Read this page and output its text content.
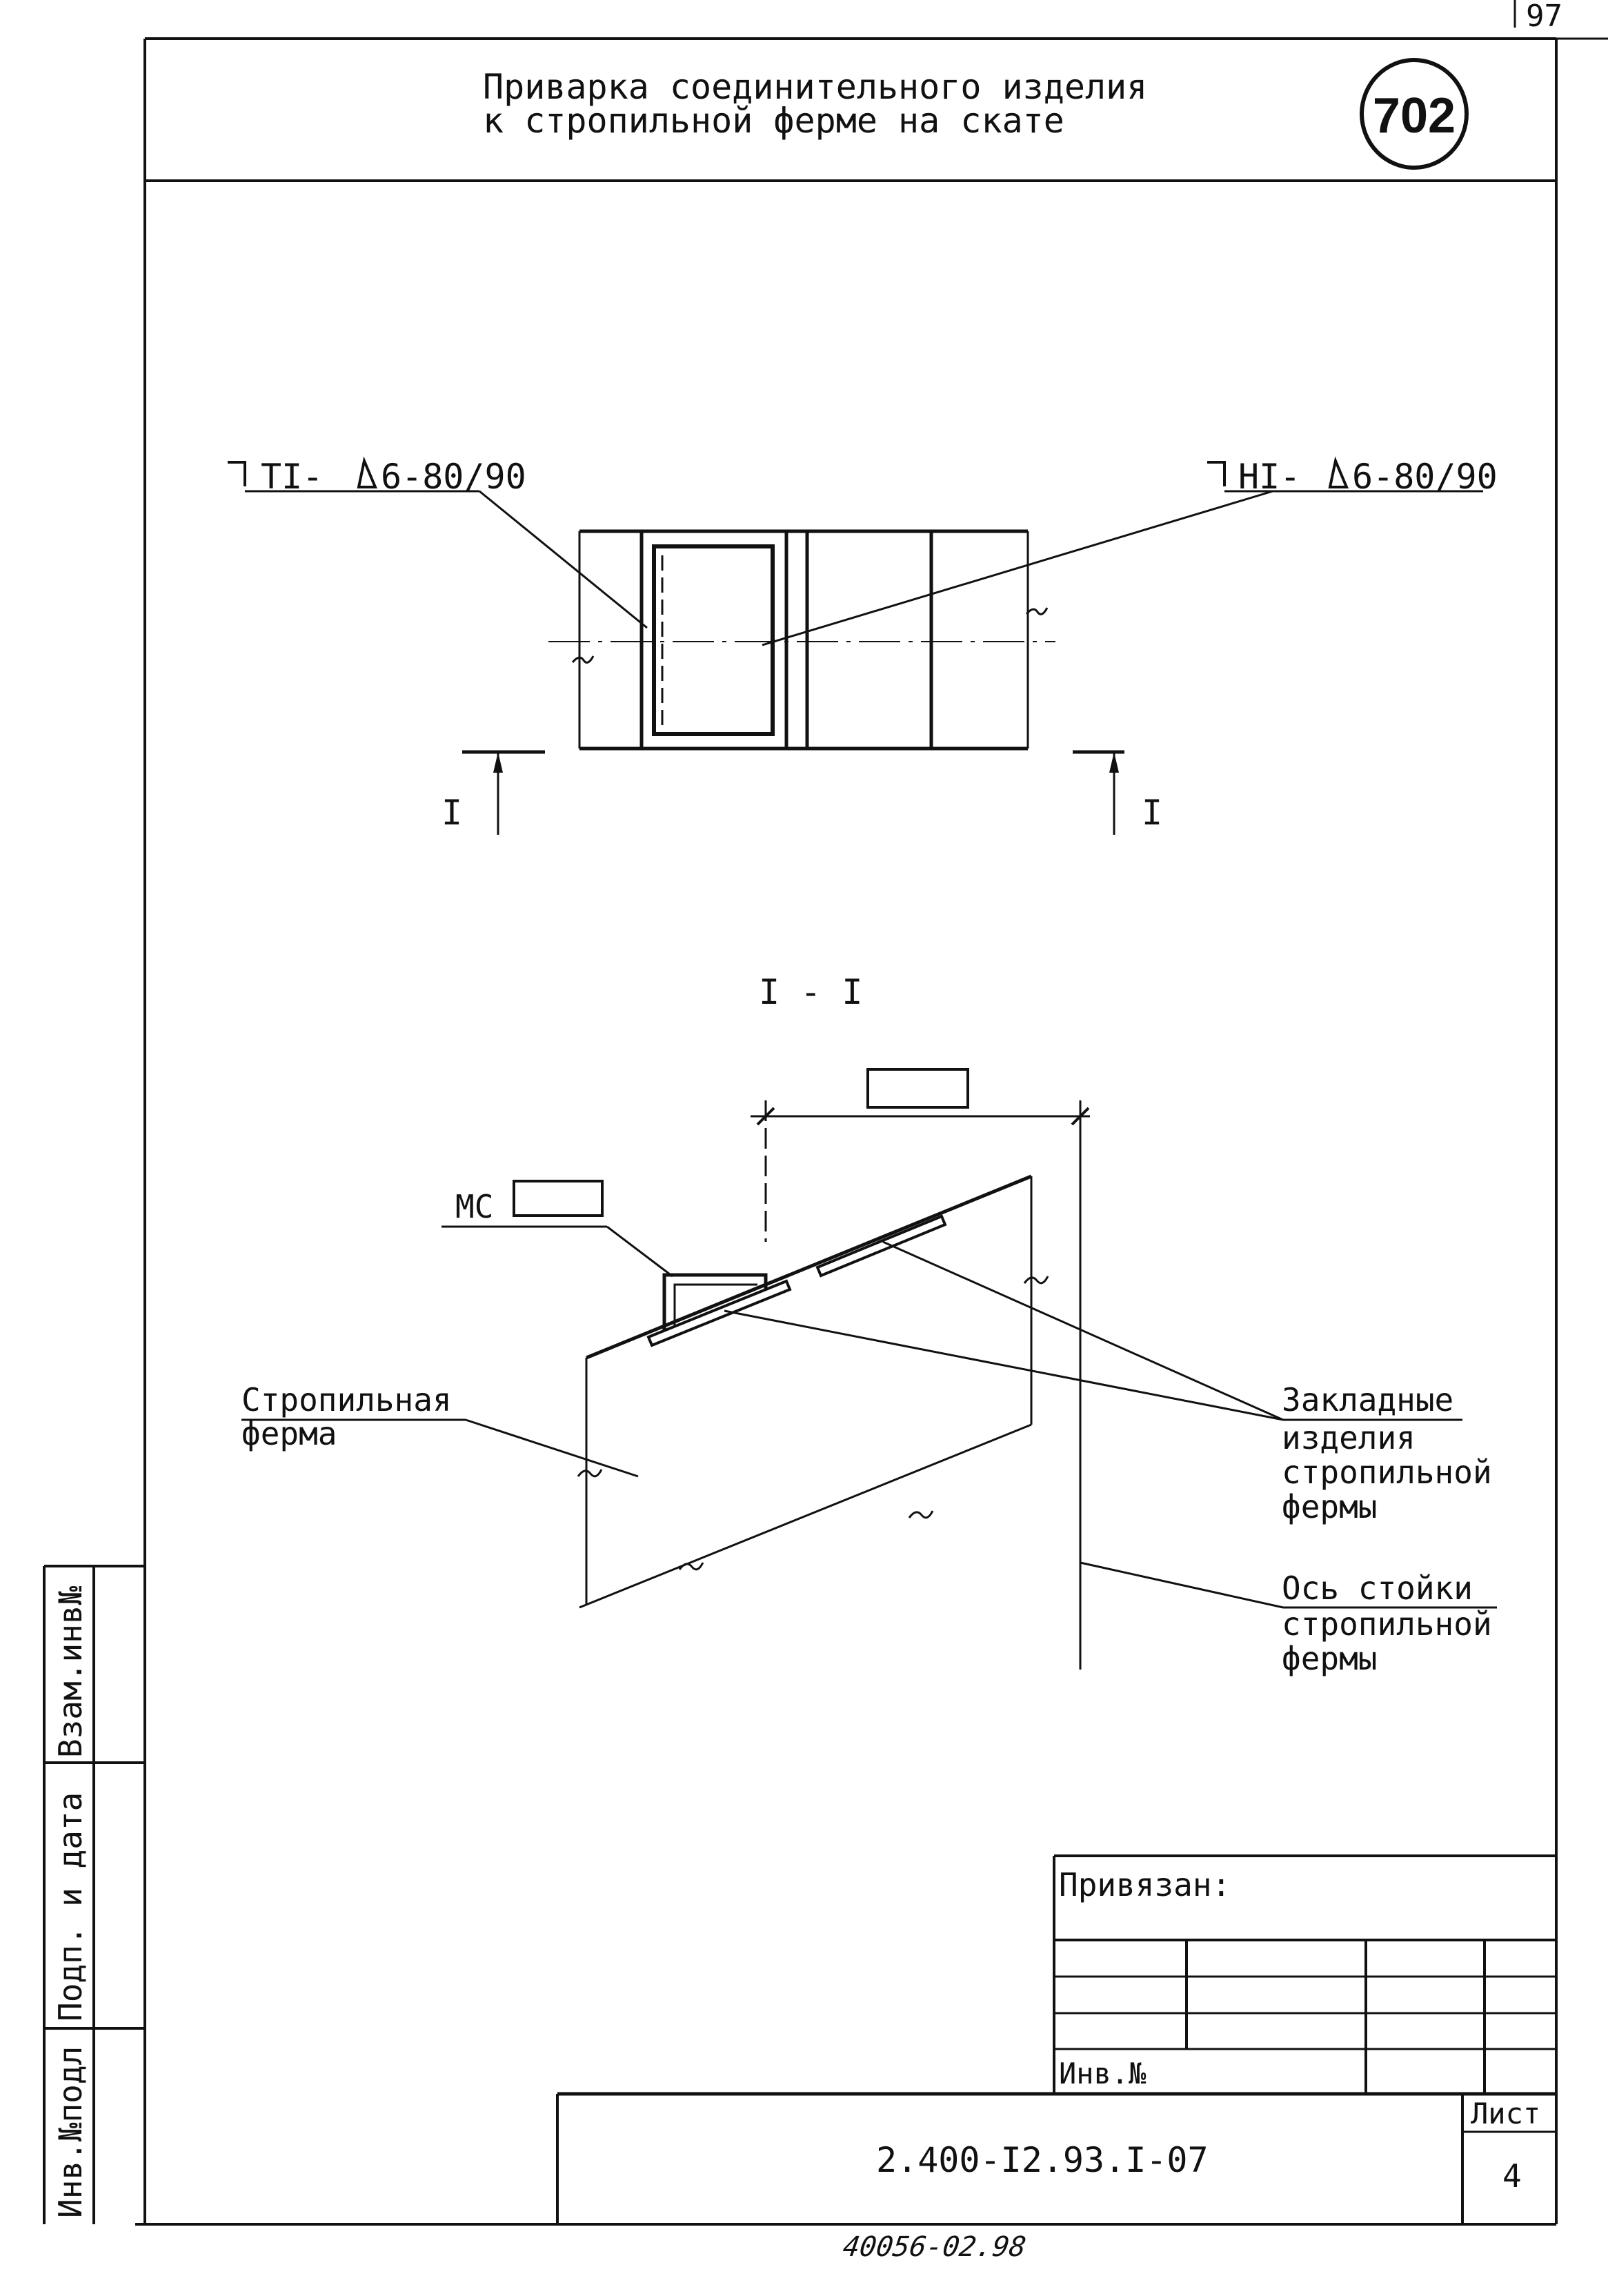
97
Приварка соединительного изделия
к стропильной ферме на скате	702
TI- 6-80/90	HI- 6-80/90
I	I
I - I
МС
Стропильная
ферма
Закладные
изделия
стропильной
фермы
Ось стойки
стропильной
фермы
Взам.инв№
Подп. и дата
Инв.№подл
Привязан:
Инв.№
2.400-I2.93.I-07
Лист
4
40056-02.98
